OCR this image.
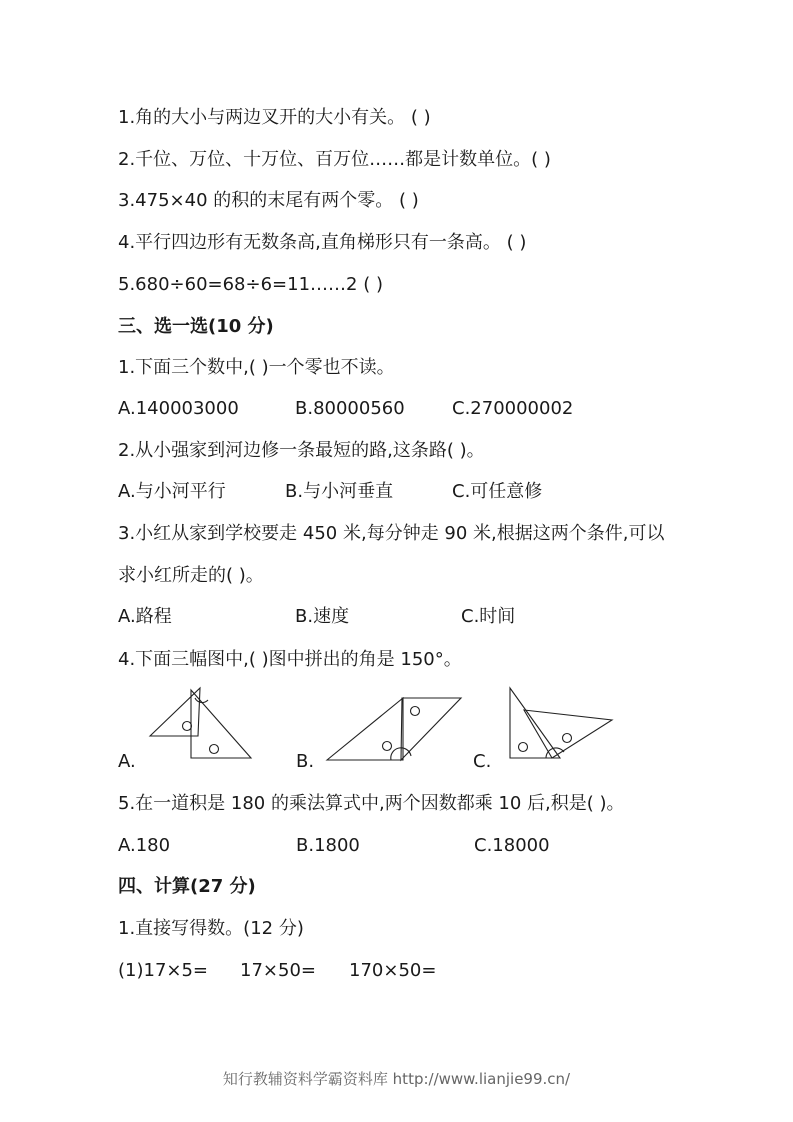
1.角的大小与两边叉开的大小有关。 ( )
2.千位、万位、十万位、百万位……都是计数单位。( )
3.475×40 的积的末尾有两个零。 ( )
4.平行四边形有无数条高,直角梯形只有一条高。 ( )
5.680÷60=68÷6=11……2 ( )
三、选一选(10 分)
1.下面三个数中,( )一个零也不读。
A.140003000	B.80000560	C.270000002
2.从小强家到河边修一条最短的路,这条路( )。
A.与小河平行	B.与小河垂直	C.可任意修
3.小红从家到学校要走 450 米,每分钟走 90 米,根据这两个条件,可以
求小红所走的( )。
A.路程	B.速度	C.时间
4.下面三幅图中,( )图中拼出的角是 150°。
A.	B.	C.
5.在一道积是 180 的乘法算式中,两个因数都乘 10 后,积是( )。
A.180	B.1800	C.18000
四、计算(27 分)
1.直接写得数。(12 分)
(1)17×5= 17×50= 170×50=
知行教辅资料学霸资料库 http://www.lianjie99.cn/
